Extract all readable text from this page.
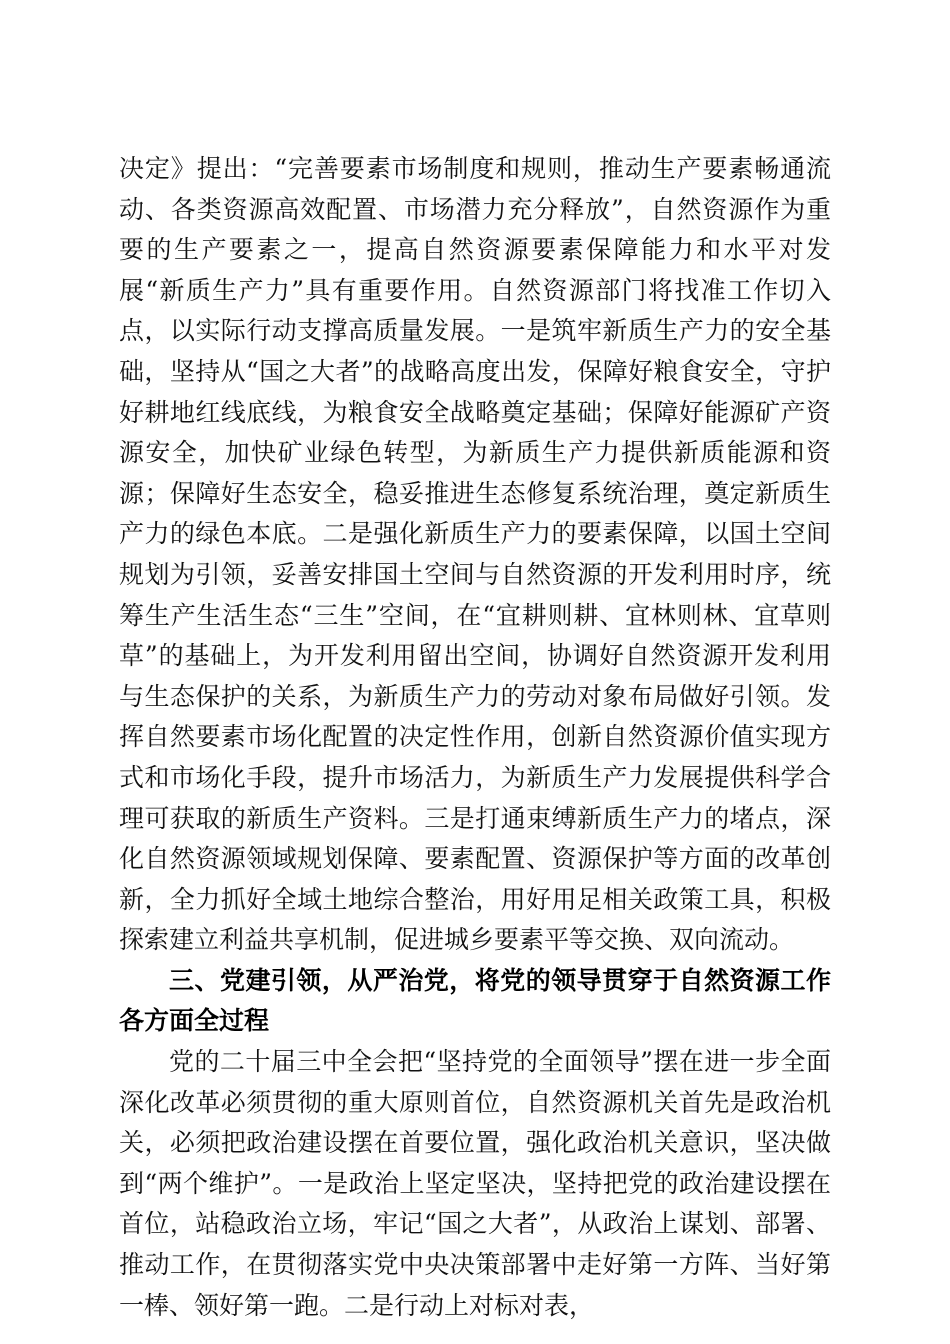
决定》提出：“完善要素市场制度和规则，推动生产要素畅通流动、各类资源高效配置、市场潜力充分释放”，自然资源作为重要的生产要素之一，提高自然资源要素保障能力和水平对发展“新质生产力”具有重要作用。自然资源部门将找准工作切入点，以实际行动支撑高质量发展。一是筑牢新质生产力的安全基础，坚持从“国之大者”的战略高度出发，保障好粮食安全，守护好耕地红线底线，为粮食安全战略奠定基础；保障好能源矿产资源安全，加快矿业绿色转型，为新质生产力提供新质能源和资源；保障好生态安全，稳妥推进生态修复系统治理，奠定新质生产力的绿色本底。二是强化新质生产力的要素保障，以国土空间规划为引领，妥善安排国土空间与自然资源的开发利用时序，统筹生产生活生态“三生”空间，在“宜耕则耕、宜林则林、宜草则草”的基础上，为开发利用留出空间，协调好自然资源开发利用与生态保护的关系，为新质生产力的劳动对象布局做好引领。发挥自然要素市场化配置的决定性作用，创新自然资源价值实现方式和市场化手段，提升市场活力，为新质生产力发展提供科学合理可获取的新质生产资料。三是打通束缚新质生产力的堵点，深化自然资源领域规划保障、要素配置、资源保护等方面的改革创新，全力抓好全域土地综合整治，用好用足相关政策工具，积极探索建立利益共享机制，促进城乡要素平等交换、双向流动。

三、党建引领，从严治党，将党的领导贯穿于自然资源工作各方面全过程

党的二十届三中全会把“坚持党的全面领导”摆在进一步全面深化改革必须贯彻的重大原则首位，自然资源机关首先是政治机关，必须把政治建设摆在首要位置，强化政治机关意识，坚决做到“两个维护”。一是政治上坚定坚决，坚持把党的政治建设摆在首位，站稳政治立场，牢记“国之大者”，从政治上谋划、部署、推动工作，在贯彻落实党中央决策部署中走好第一方阵、当好第一棒、领好第一跑。二是行动上对标对表，
